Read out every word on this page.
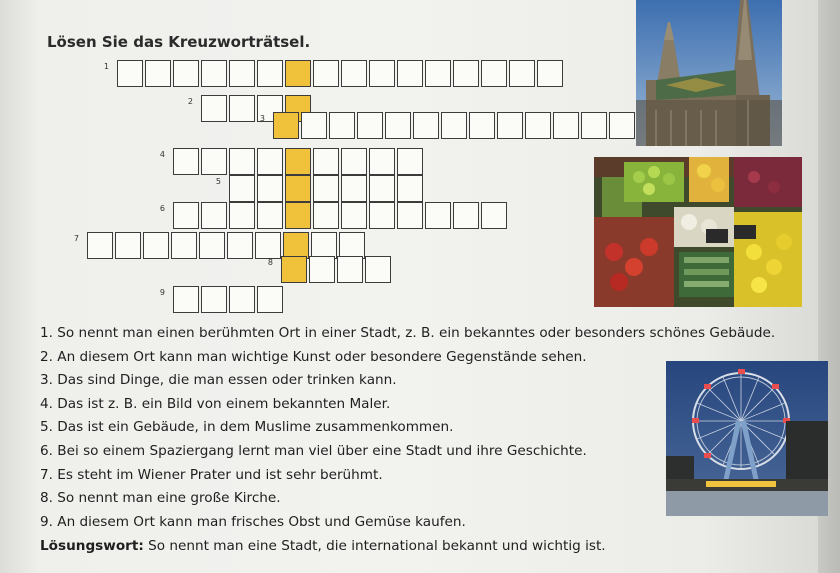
Lösen Sie das Kreuzworträtsel.
1
2
3
4
5
6
7
8
9
1. So nennt man einen berühmten Ort in einer Stadt, z. B. ein bekanntes oder besonders schönes Gebäude.
2. An diesem Ort kann man wichtige Kunst oder besondere Gegenstände sehen.
3. Das sind Dinge, die man essen oder trinken kann.
4. Das ist z. B. ein Bild von einem bekannten Maler.
5. Das ist ein Gebäude, in dem Muslime zusammenkommen.
6. Bei so einem Spaziergang lernt man viel über eine Stadt und ihre Geschichte.
7. Es steht im Wiener Prater und ist sehr berühmt.
8. So nennt man eine große Kirche.
9. An diesem Ort kann man frisches Obst und Gemüse kaufen.
Lösungswort: So nennt man eine Stadt, die international bekannt und wichtig ist.
